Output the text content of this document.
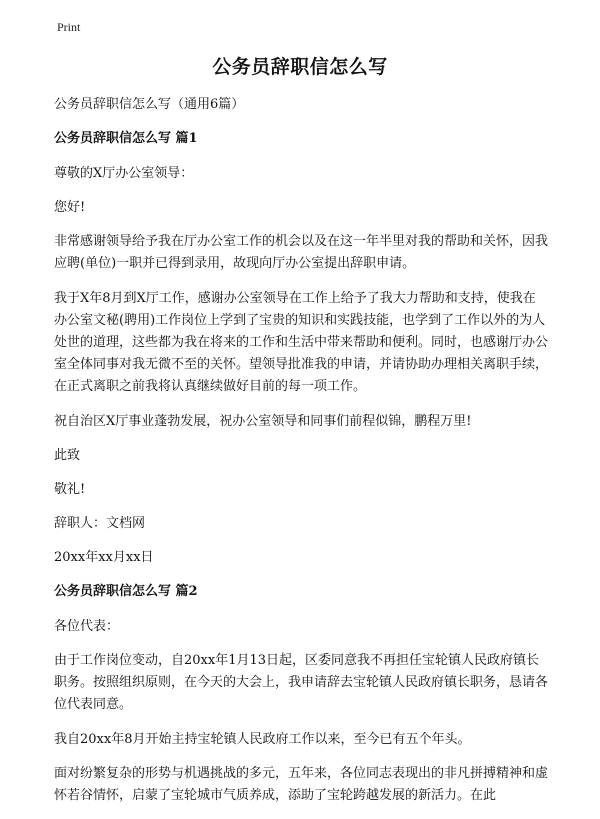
Print
公务员辞职信怎么写

公务员辞职信怎么写（通用6篇）

公务员辞职信怎么写 篇1

尊敬的X厅办公室领导：

您好!

非常感谢领导给予我在厅办公室工作的机会以及在这一年半里对我的帮助和关怀，因我应聘(单位)一职并已得到录用，故现向厅办公室提出辞职申请。

我于X年8月到X厅工作，感谢办公室领导在工作上给予了我大力帮助和支持，使我在办公室文秘(聘用)工作岗位上学到了宝贵的知识和实践技能，也学到了工作以外的为人处世的道理，这些都为我在将来的工作和生活中带来帮助和便利。同时，也感谢厅办公室全体同事对我无微不至的关怀。望领导批准我的申请，并请协助办理相关离职手续，在正式离职之前我将认真继续做好目前的每一项工作。

祝自治区X厅事业蓬勃发展，祝办公室领导和同事们前程似锦，鹏程万里!

此致

敬礼!

辞职人：文档网

20xx年xx月xx日

公务员辞职信怎么写 篇2

各位代表：

由于工作岗位变动，自20xx年1月13日起，区委同意我不再担任宝轮镇人民政府镇长职务。按照组织原则，在今天的大会上，我申请辞去宝轮镇人民政府镇长职务，恳请各位代表同意。

我自20xx年8月开始主持宝轮镇人民政府工作以来，至今已有五个年头。

面对纷繁复杂的形势与机遇挑战的多元，五年来，各位同志表现出的非凡拼搏精神和虚怀若谷情怀，启蒙了宝轮城市气质养成，添助了宝轮跨越发展的新活力。在此
